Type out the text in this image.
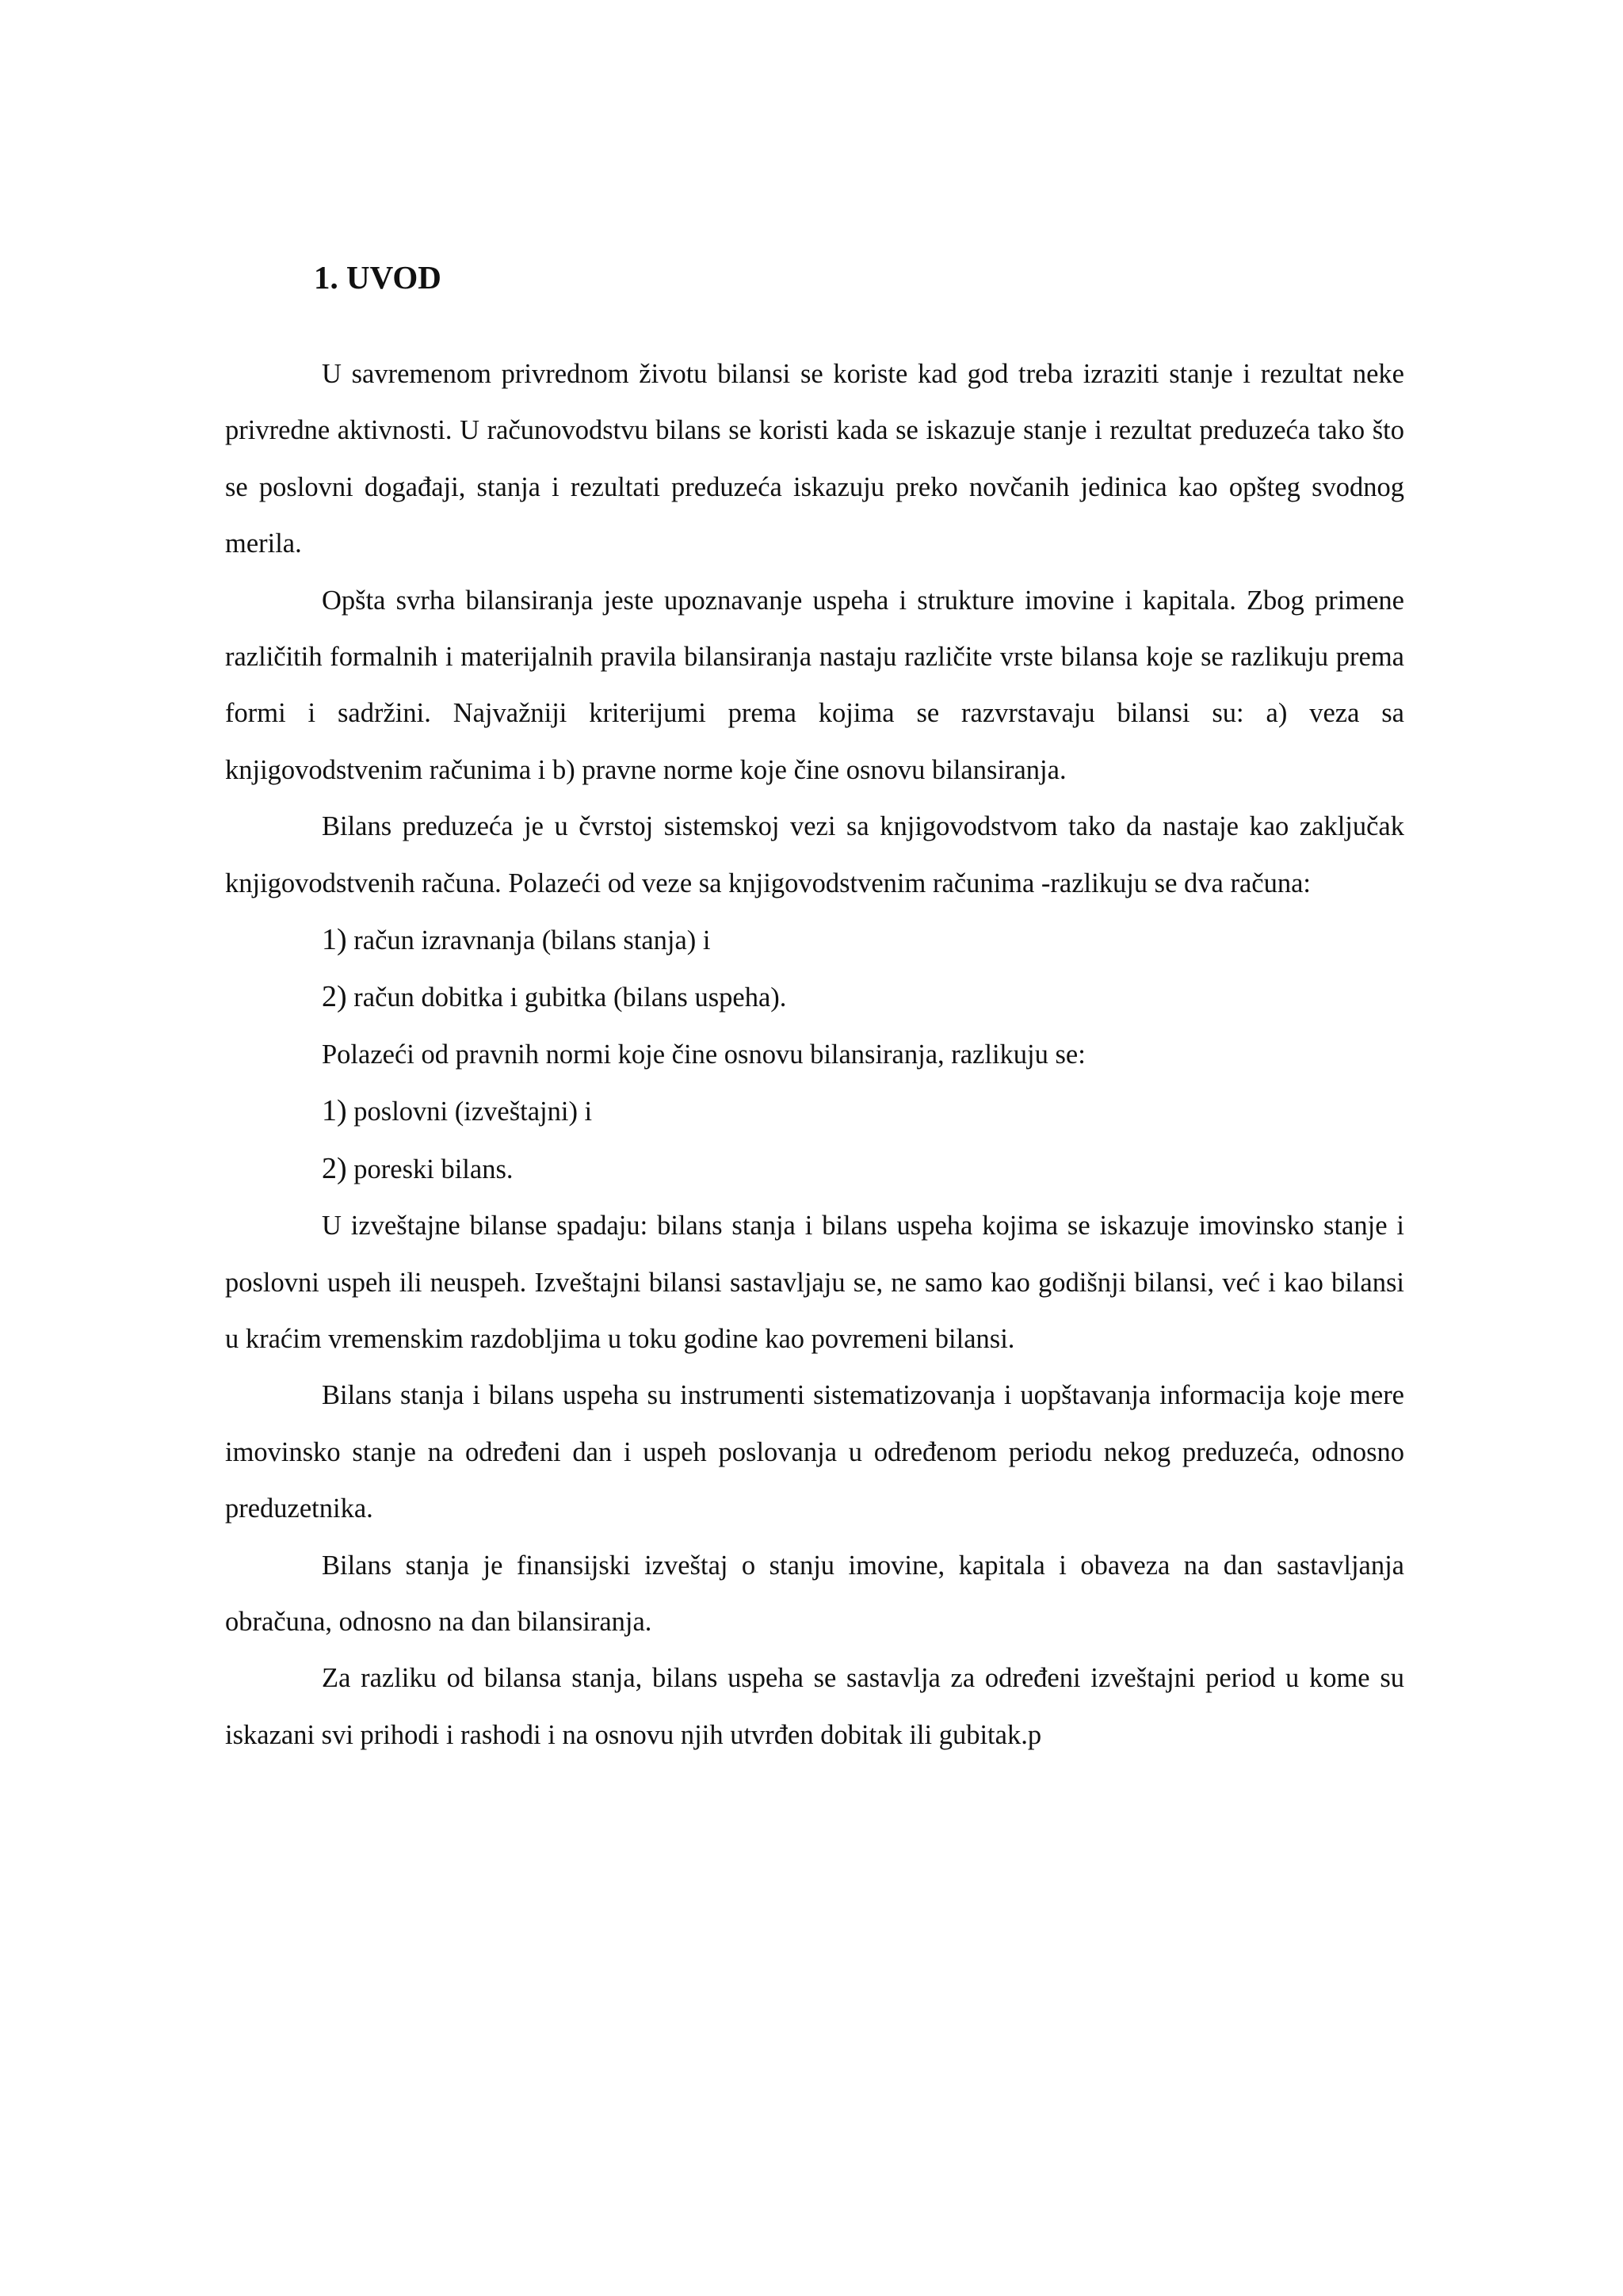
1. UVOD

U savremenom privrednom životu bilansi se koriste kad god treba izraziti stanje i rezultat neke privredne aktivnosti. U računovodstvu bilans se koristi kada se iskazuje stanje i rezultat preduzeća tako što se poslovni događaji, stanja i rezultati preduzeća iskazuju preko novčanih jedinica kao opšteg svodnog merila.

Opšta svrha bilansiranja jeste upoznavanje uspeha i strukture imovine i kapitala. Zbog primene različitih formalnih i materijalnih pravila bilansiranja nastaju različite vrste bilansa koje se razlikuju prema formi i sadržini. Najvažniji kriterijumi prema kojima se razvrstavaju bilansi su: a) veza sa knjigovodstvenim računima i b) pravne norme koje čine osnovu bilansiranja.

Bilans preduzeća je u čvrstoj sistemskoj vezi sa knjigovodstvom tako da nastaje kao zaključak knjigovodstvenih računa. Polazeći od veze sa knjigovodstvenim računima -razlikuju se dva računa:

1) račun izravnanja (bilans stanja) i

2) račun dobitka i gubitka (bilans uspeha).

Polazeći od pravnih normi koje čine osnovu bilansiranja, razlikuju se:

1) poslovni (izveštajni) i

2) poreski bilans.

U izveštajne bilanse spadaju: bilans stanja i bilans uspeha kojima se iskazuje imovinsko stanje i poslovni uspeh ili neuspeh. Izveštajni bilansi sastavljaju se, ne samo kao godišnji bilansi, već i kao bilansi u kraćim vremenskim razdobljima u toku godine kao povremeni bilansi.

Bilans stanja i bilans uspeha su instrumenti sistematizovanja i uopštavanja informacija koje mere imovinsko stanje na određeni dan i uspeh poslovanja u određenom periodu nekog preduzeća, odnosno preduzetnika.

Bilans stanja je finansijski izveštaj o stanju imovine, kapitala i obaveza na dan sastavljanja obračuna, odnosno na dan bilansiranja.

Za razliku od bilansa stanja, bilans uspeha se sastavlja za određeni izveštajni period u kome su iskazani svi prihodi i rashodi i na osnovu njih utvrđen dobitak ili gubitak.p
